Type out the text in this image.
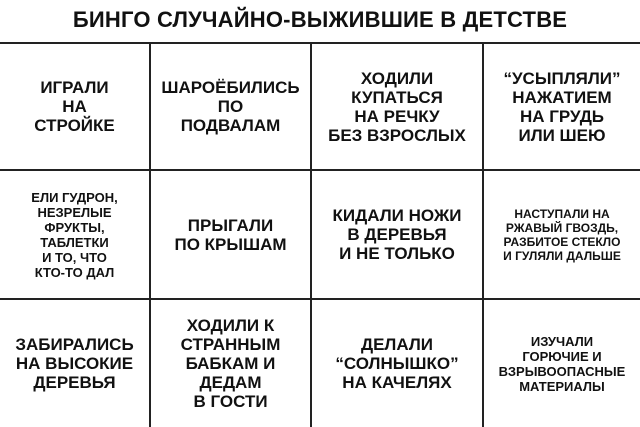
БИНГО СЛУЧАЙНО-ВЫЖИВШИЕ В ДЕТСТВЕ
ИГРАЛИ
НА
СТРОЙКЕ
ШАРОЁБИЛИСЬ
ПО
ПОДВАЛАМ
ХОДИЛИ
КУПАТЬСЯ
НА РЕЧКУ
БЕЗ ВЗРОСЛЫХ
“УСЫПЛЯЛИ”
НАЖАТИЕМ
НА ГРУДЬ
ИЛИ ШЕЮ
ЕЛИ ГУДРОН,
НЕЗРЕЛЫЕ
ФРУКТЫ,
ТАБЛЕТКИ
И ТО, ЧТО
КТО-ТО ДАЛ
ПРЫГАЛИ
ПО КРЫШАМ
КИДАЛИ НОЖИ
В ДЕРЕВЬЯ
И НЕ ТОЛЬКО
НАСТУПАЛИ НА
РЖАВЫЙ ГВОЗДЬ,
РАЗБИТОЕ СТЕКЛО
И ГУЛЯЛИ ДАЛЬШЕ
ЗАБИРАЛИСЬ
НА ВЫСОКИЕ
ДЕРЕВЬЯ
ХОДИЛИ К
СТРАННЫМ
БАБКАМ И
ДЕДАМ
В ГОСТИ
ДЕЛАЛИ
“СОЛНЫШКО”
НА КАЧЕЛЯХ
ИЗУЧАЛИ
ГОРЮЧИЕ И
ВЗРЫВООПАСНЫЕ
МАТЕРИАЛЫ
